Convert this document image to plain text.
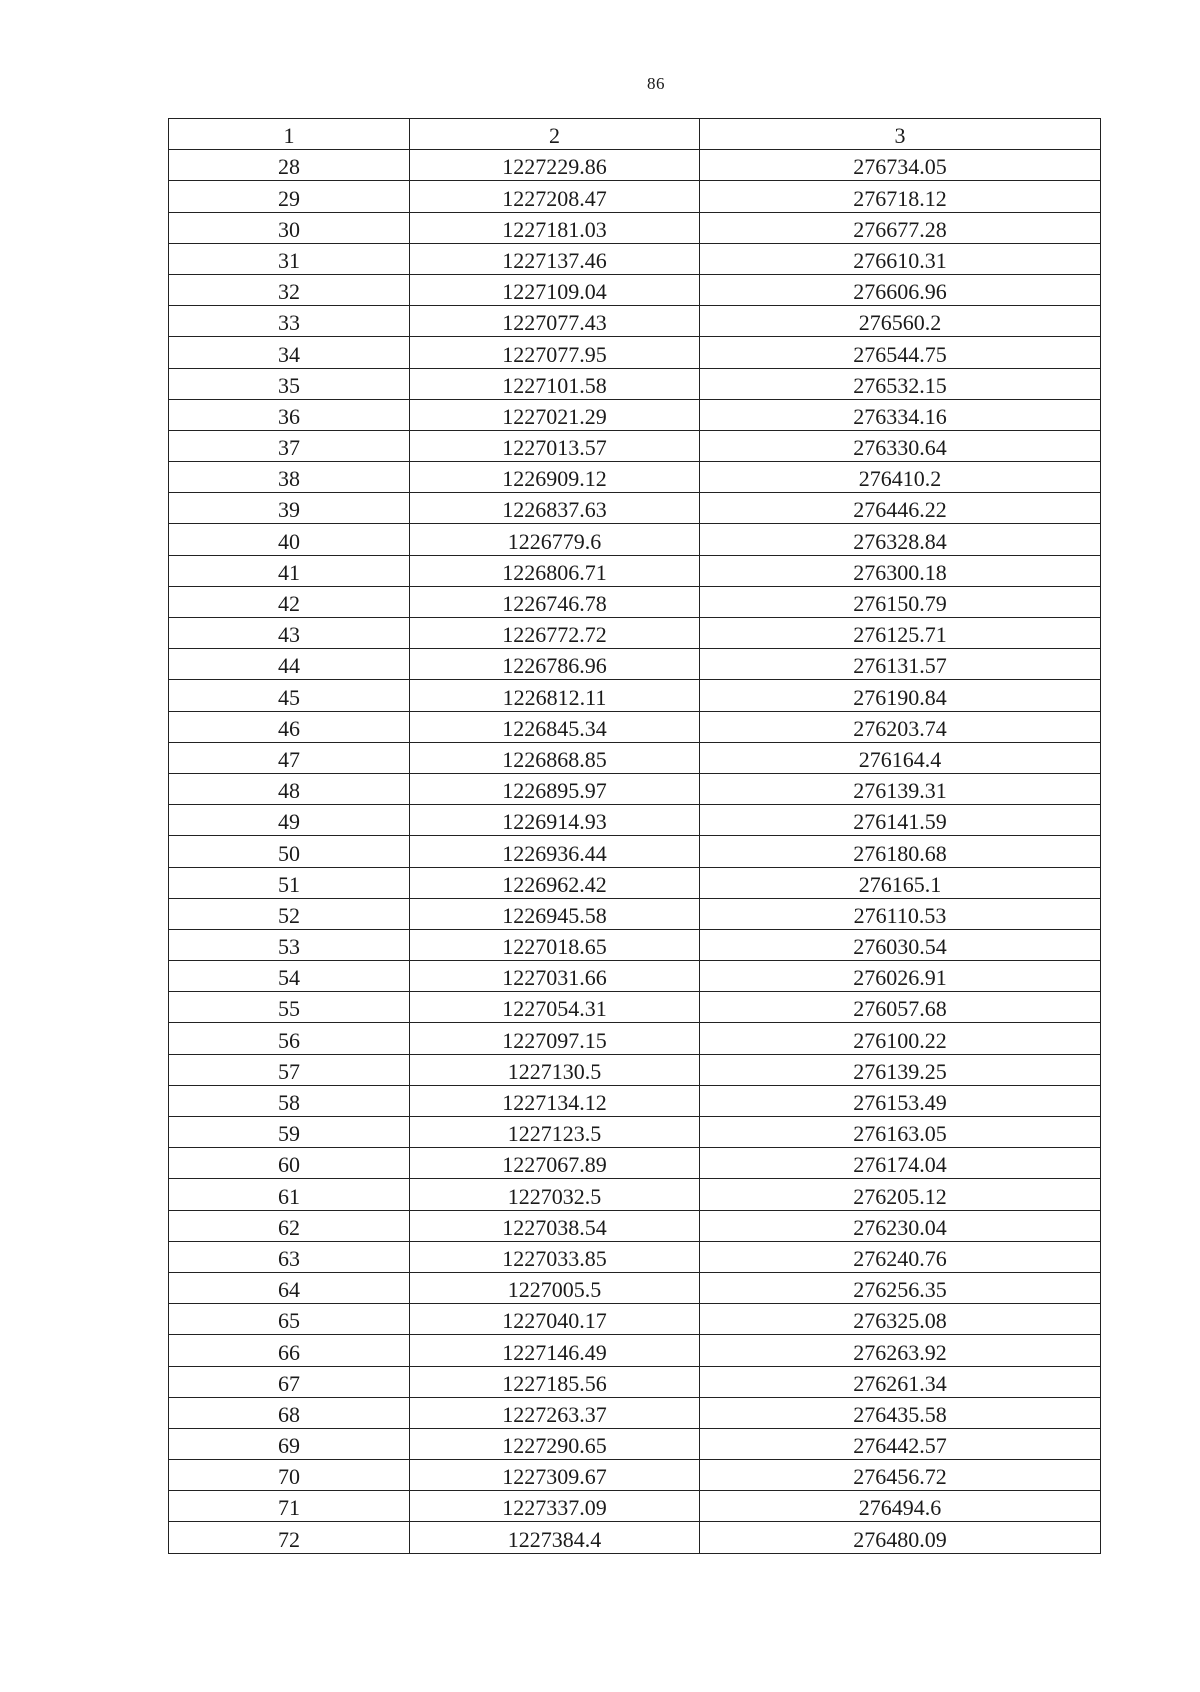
86
1	2	3
28	1227229.86	276734.05
29	1227208.47	276718.12
30	1227181.03	276677.28
31	1227137.46	276610.31
32	1227109.04	276606.96
33	1227077.43	276560.2
34	1227077.95	276544.75
35	1227101.58	276532.15
36	1227021.29	276334.16
37	1227013.57	276330.64
38	1226909.12	276410.2
39	1226837.63	276446.22
40	1226779.6	276328.84
41	1226806.71	276300.18
42	1226746.78	276150.79
43	1226772.72	276125.71
44	1226786.96	276131.57
45	1226812.11	276190.84
46	1226845.34	276203.74
47	1226868.85	276164.4
48	1226895.97	276139.31
49	1226914.93	276141.59
50	1226936.44	276180.68
51	1226962.42	276165.1
52	1226945.58	276110.53
53	1227018.65	276030.54
54	1227031.66	276026.91
55	1227054.31	276057.68
56	1227097.15	276100.22
57	1227130.5	276139.25
58	1227134.12	276153.49
59	1227123.5	276163.05
60	1227067.89	276174.04
61	1227032.5	276205.12
62	1227038.54	276230.04
63	1227033.85	276240.76
64	1227005.5	276256.35
65	1227040.17	276325.08
66	1227146.49	276263.92
67	1227185.56	276261.34
68	1227263.37	276435.58
69	1227290.65	276442.57
70	1227309.67	276456.72
71	1227337.09	276494.6
72	1227384.4	276480.09
